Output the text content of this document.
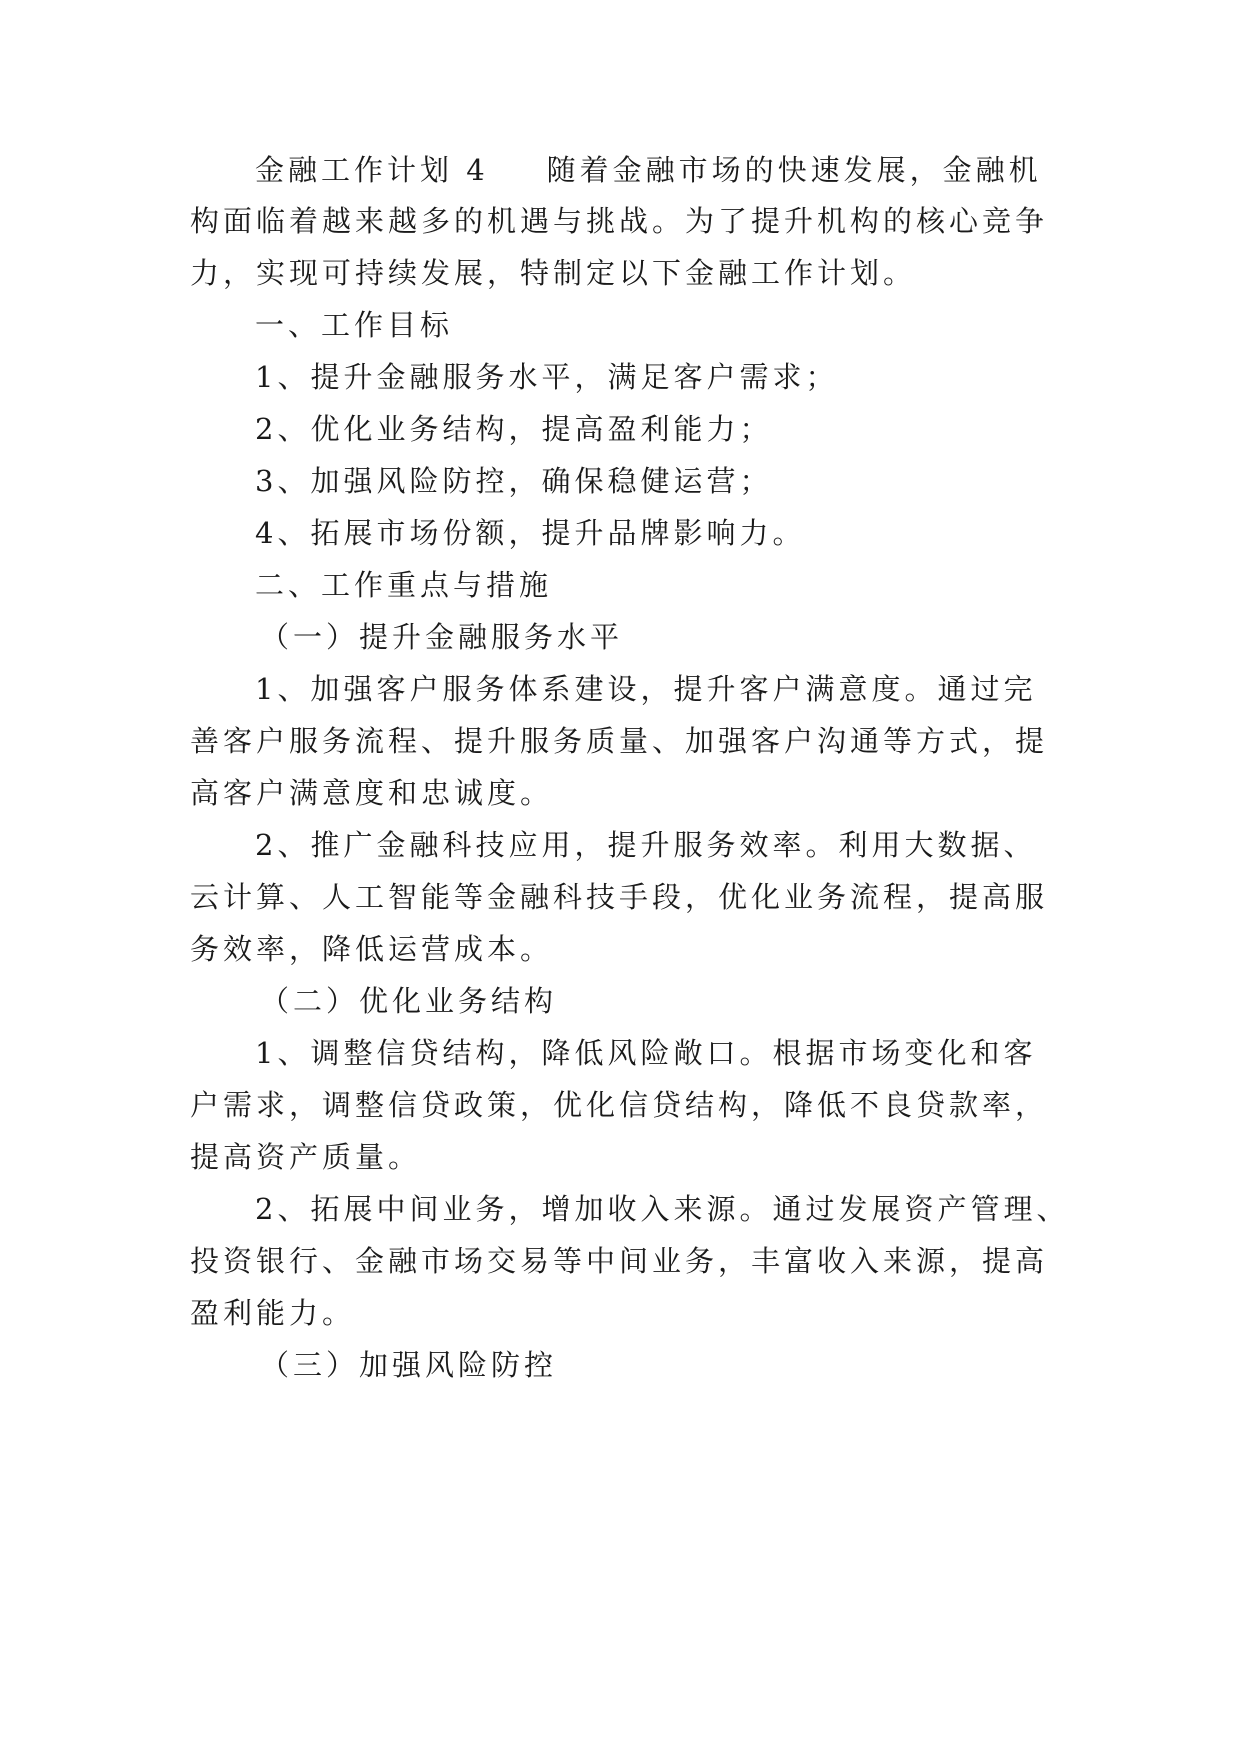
金融工作计划 4 随着金融市场的快速发展，金融机
构面临着越来越多的机遇与挑战。为了提升机构的核心竞争
力，实现可持续发展，特制定以下金融工作计划。
一、工作目标
1、提升金融服务水平，满足客户需求；
2、优化业务结构，提高盈利能力；
3、加强风险防控，确保稳健运营；
4、拓展市场份额，提升品牌影响力。
二、工作重点与措施
（一）提升金融服务水平
1、加强客户服务体系建设，提升客户满意度。通过完
善客户服务流程、提升服务质量、加强客户沟通等方式，提
高客户满意度和忠诚度。
2、推广金融科技应用，提升服务效率。利用大数据、
云计算、人工智能等金融科技手段，优化业务流程，提高服
务效率，降低运营成本。
（二）优化业务结构
1、调整信贷结构，降低风险敞口。根据市场变化和客
户需求，调整信贷政策，优化信贷结构，降低不良贷款率，
提高资产质量。
2、拓展中间业务，增加收入来源。通过发展资产管理、
投资银行、金融市场交易等中间业务，丰富收入来源，提高
盈利能力。
（三）加强风险防控
